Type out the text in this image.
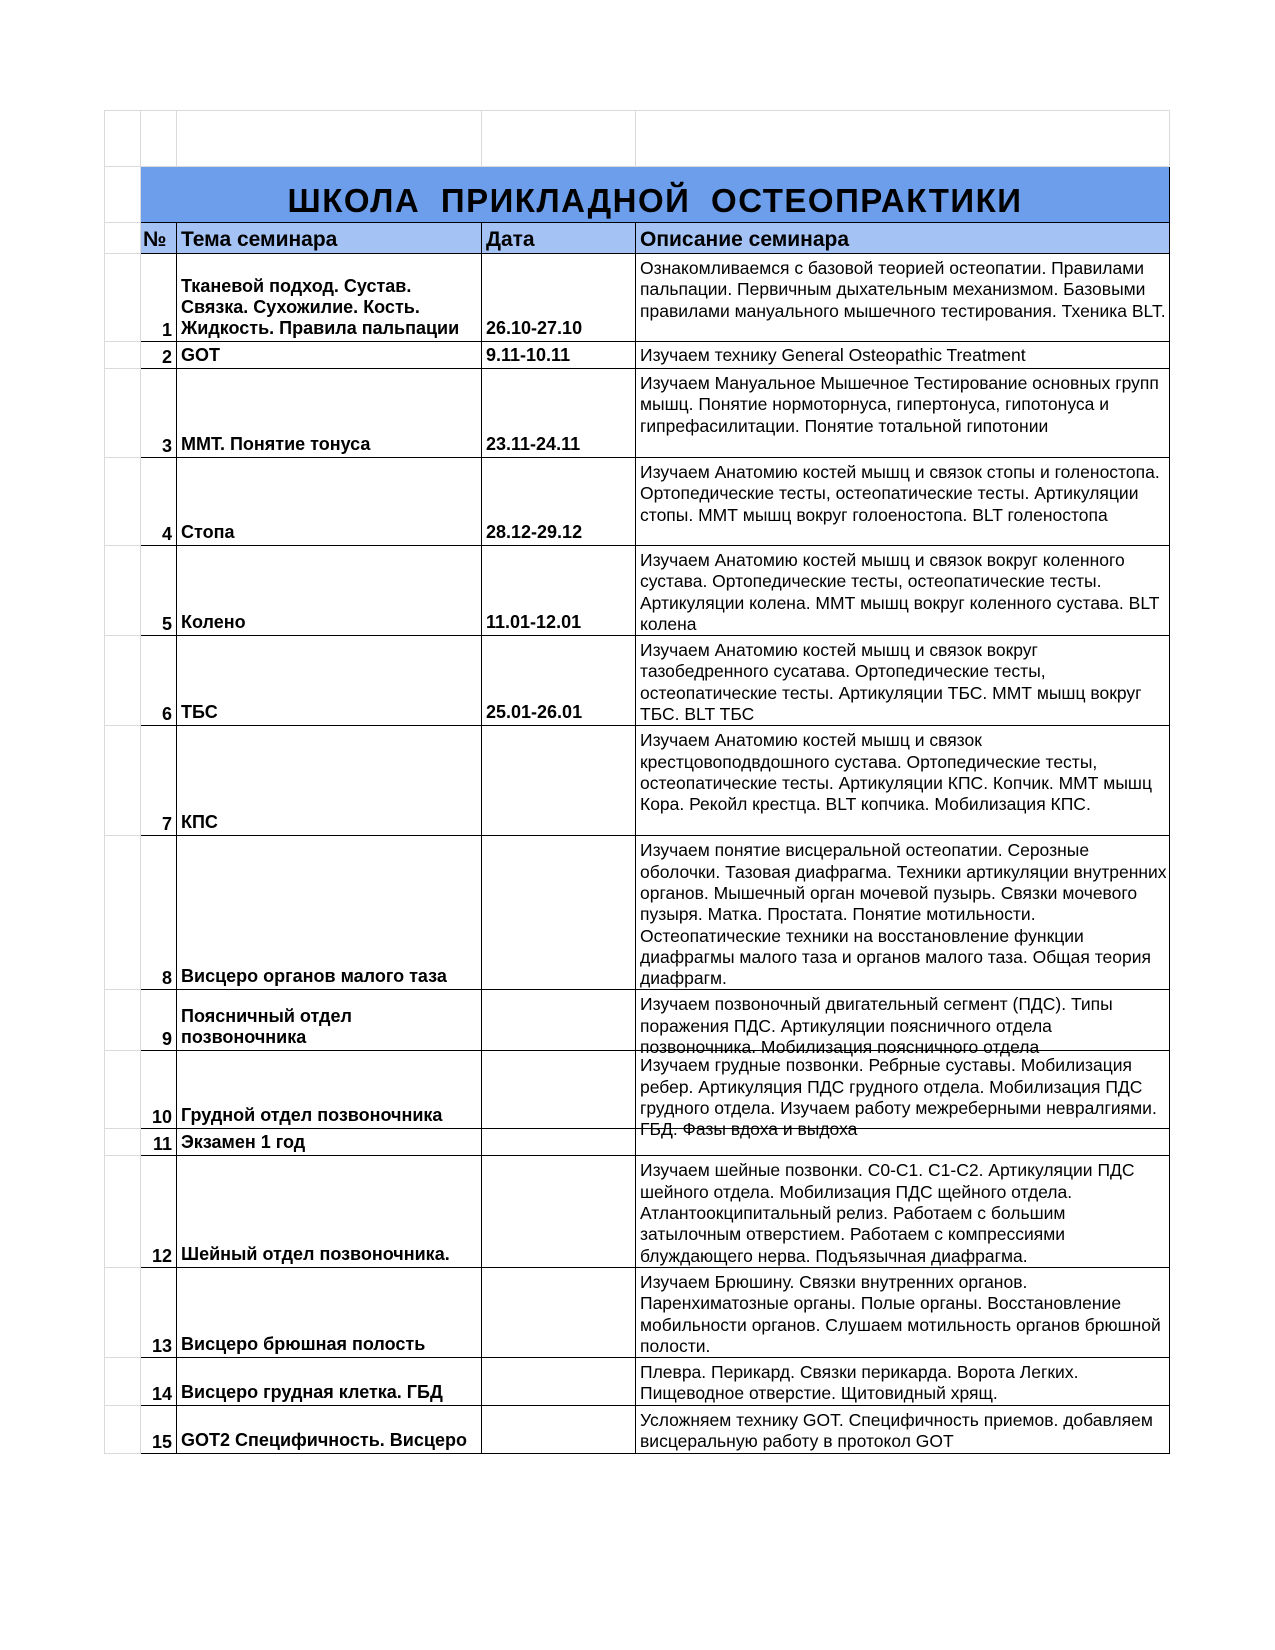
	ШКОЛА ПРИКЛАДНОЙ ОСТЕОПРАКТИКИ			
	№	Тема семинара	Дата	Описание семинара
	1	Тканевой подход. Сустав. Связка. Сухожилие. Кость. Жидкость. Правила пальпации	26.10-27.10	Ознакомливаемся с базовой теорией остеопатии. Правилами пальпации. Первичным дыхательным механизмом. Базовыми правилами мануального мышечного тестирования. Тхеника BLT.
	2	GOT	9.11-10.11	Изучаем технику General Osteopathic Treatment
	3	ММТ. Понятие тонуса	23.11-24.11	Изучаем Мануальное Мышечное Тестирование основных групп мышц. Понятие нормоторнуса, гипертонуса, гипотонуса и гипрефасилитации. Понятие тотальной гипотонии
	4	Стопа	28.12-29.12	Изучаем Анатомию костей мышц и связок стопы и голеностопа. Ортопедические тесты, остеопатические тесты. Артикуляции стопы. ММТ мышц вокруг голоеностопа. BLT голеностопа
	5	Колено	11.01-12.01	Изучаем Анатомию костей мышц и связок вокруг коленного сустава. Ортопедические тесты, остеопатические тесты. Артикуляции колена. ММТ мышц вокруг коленного сустава. BLT колена
	6	ТБС	25.01-26.01	Изучаем Анатомию костей мышц и связок вокруг тазобедренного сусатава. Ортопедические тесты, остеопатические тесты. Артикуляции ТБС. ММТ мышц вокруг ТБС. BLT ТБС
	7	КПС		Изучаем Анатомию костей мышц и связок крестцовоподвдошного сустава. Ортопедические тесты, остеопатические тесты. Артикуляции КПС. Копчик. ММТ мышц Кора. Рекойл крестца. BLT копчика. Мобилизация КПС.
	8	Висцеро органов малого таза		Изучаем понятие висцеральной остеопатии. Серозные оболочки. Тазовая диафрагма. Техники артикуляции внутренних органов. Мышечный орган мочевой пузырь. Связки мочевого пузыря. Матка. Простата. Понятие мотильности. Остеопатические техники на восстановление функции диафрагмы малого таза и органов малого таза. Общая теория диафрагм.
	9	Поясничный отдел позвоночника		Изучаем позвоночный двигательный сегмент (ПДС). Типы поражения ПДС. Артикуляции поясничного отдела позвоночника. Мобилизация поясничного отдела

	10	Грудной отдел позвоночника		Изучаем грудные позвонки. Ребрные суставы. Мобилизация ребер. Артикуляция ПДС грудного отдела. Мобилизация ПДС грудного отдела. Изучаем работу межреберными невралгиями. ГБД. Фазы вдоха и выдоха

	11	Экзамен 1 год		
	12	Шейный отдел позвоночника.		Изучаем шейные позвонки. С0-С1. С1-С2. Артикуляции ПДС шейного отдела. Мобилизация ПДС щейного отдела. Атлантоокципитальный релиз. Работаем с большим затылочным отверстием. Работаем с компрессиями блуждающего нерва. Подъязычная диафрагма.
	13	Висцеро брюшная полость		Изучаем Брюшину. Связки внутренних органов. Паренхиматозные органы. Полые органы. Восстановление мобильности органов. Слушаем мотильность органов брюшной полости.
	14	Висцеро грудная клетка. ГБД		Плевра. Перикард. Связки перикарда. Ворота Легких. Пищеводное отверстие. Щитовидный хрящ.
	15	GOT2 Специфичность. Висцеро		Усложняем технику GOT. Специфичность приемов. добавляем висцеральную работу в протокол GOT
